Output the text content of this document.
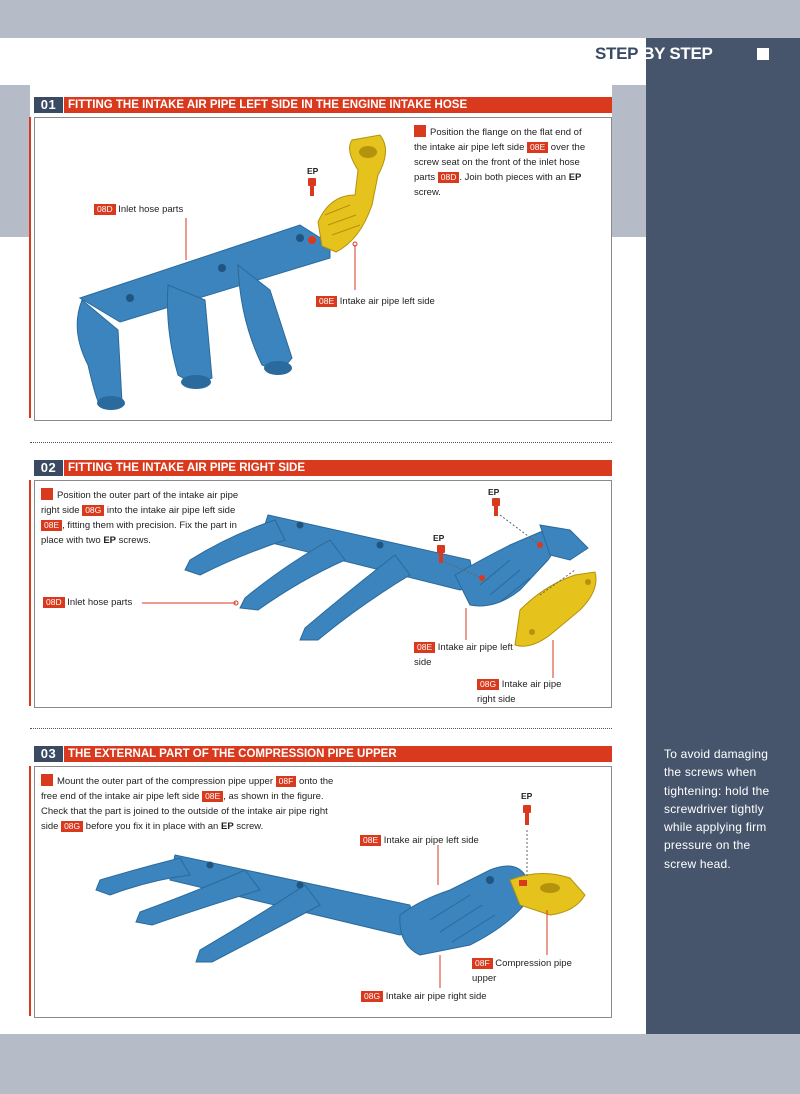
STEP BY STEP
01	FITTING THE INTAKE AIR PIPE LEFT SIDE IN THE ENGINE INTAKE HOSE
Position the flange on the flat end of the intake air pipe left side 08E over the screw seat on the front of the inlet hose parts 08D . Join both pieces with an EP screw.
EP
08D Inlet hose parts
08E Intake air pipe left side
02	FITTING THE INTAKE AIR PIPE RIGHT SIDE
Position the outer part of the intake air pipe right side 08G into the intake air pipe left side 08E , fitting them with precision. Fix the part in place with two EP screws.
EP
EP
08D Inlet hose parts
08E Intake air pipe left side
08G Intake air pipe right side
03	THE EXTERNAL PART OF THE COMPRESSION PIPE UPPER
Mount the outer part of the compression pipe upper 08F onto the free end of the intake air pipe left side 08E , as shown in the figure. Check that the part is joined to the outside of the intake air pipe right side 08G before you fix it in place with an EP screw.
EP
08E Intake air pipe left side
08F Compression pipe upper
08G Intake air pipe right side
To avoid damaging the screws when tightening: hold the screwdriver tightly while applying firm pressure on the screw head.
